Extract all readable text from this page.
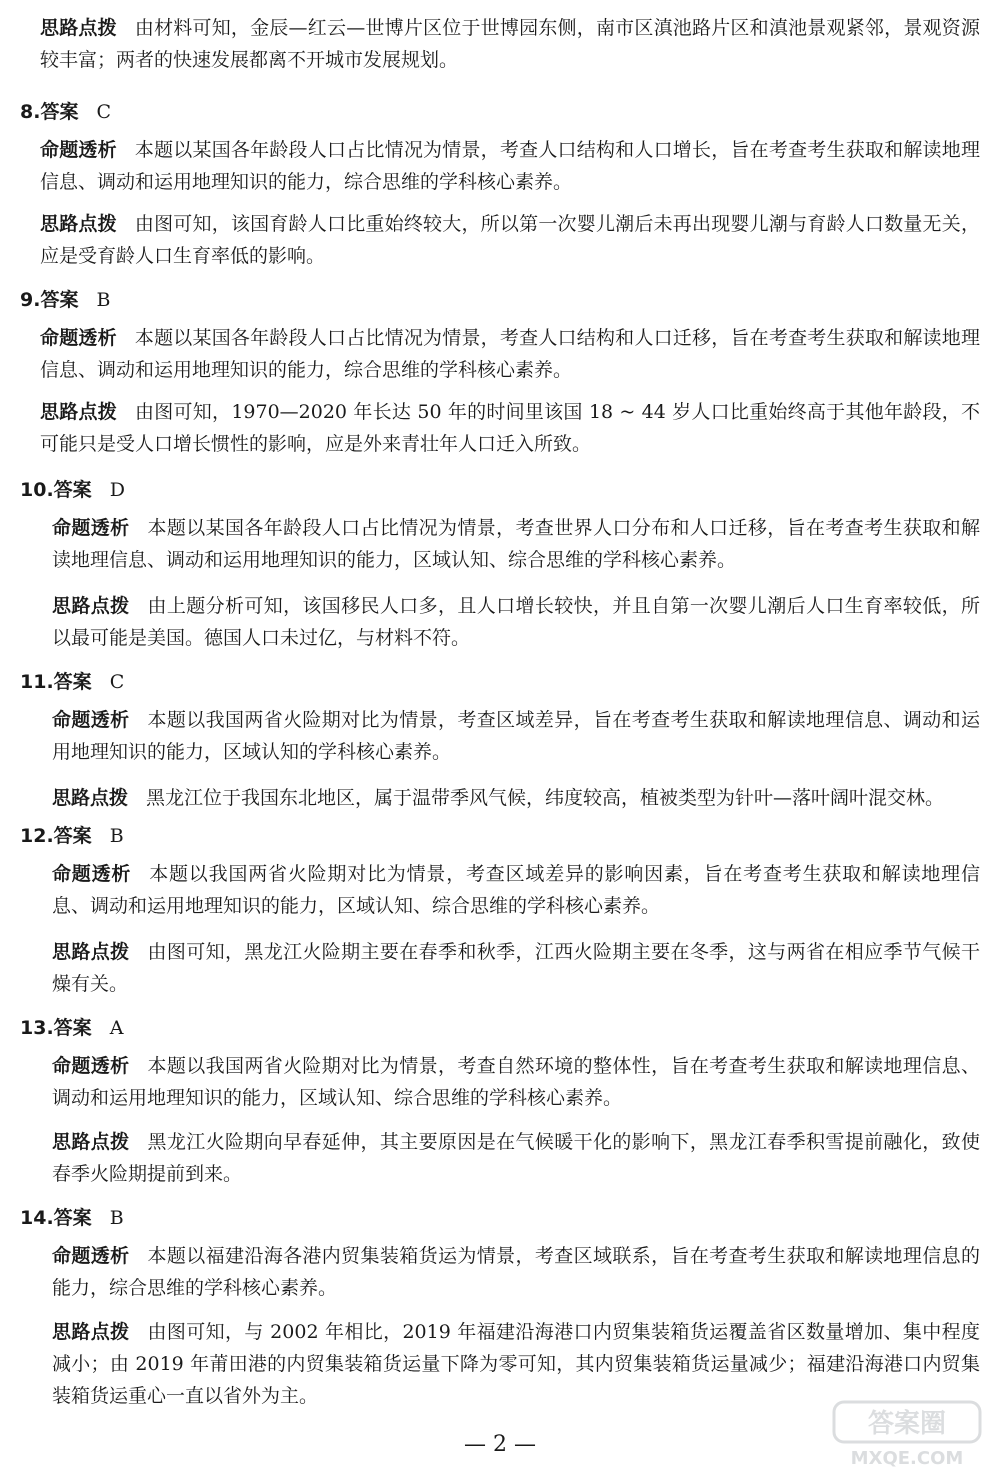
思路点拨 由材料可知，金辰—红云—世博片区位于世博园东侧，南市区滇池路片区和滇池景观紧邻，景观资源较丰富；两者的快速发展都离不开城市发展规划。
8.答案 C
命题透析 本题以某国各年龄段人口占比情况为情景，考查人口结构和人口增长，旨在考查考生获取和解读地理信息、调动和运用地理知识的能力，综合思维的学科核心素养。
思路点拨 由图可知，该国育龄人口比重始终较大，所以第一次婴儿潮后未再出现婴儿潮与育龄人口数量无关，应是受育龄人口生育率低的影响。
9.答案 B
命题透析 本题以某国各年龄段人口占比情况为情景，考查人口结构和人口迁移，旨在考查考生获取和解读地理信息、调动和运用地理知识的能力，综合思维的学科核心素养。
思路点拨 由图可知，1970—2020 年长达 50 年的时间里该国 18 ~ 44 岁人口比重始终高于其他年龄段，不可能只是受人口增长惯性的影响，应是外来青壮年人口迁入所致。
10.答案 D
命题透析 本题以某国各年龄段人口占比情况为情景，考查世界人口分布和人口迁移，旨在考查考生获取和解读地理信息、调动和运用地理知识的能力，区域认知、综合思维的学科核心素养。
思路点拨 由上题分析可知，该国移民人口多，且人口增长较快，并且自第一次婴儿潮后人口生育率较低，所以最可能是美国。德国人口未过亿，与材料不符。
11.答案 C
命题透析 本题以我国两省火险期对比为情景，考查区域差异，旨在考查考生获取和解读地理信息、调动和运用地理知识的能力，区域认知的学科核心素养。
思路点拨 黑龙江位于我国东北地区，属于温带季风气候，纬度较高，植被类型为针叶—落叶阔叶混交林。
12.答案 B
命题透析 本题以我国两省火险期对比为情景，考查区域差异的影响因素，旨在考查考生获取和解读地理信息、调动和运用地理知识的能力，区域认知、综合思维的学科核心素养。
思路点拨 由图可知，黑龙江火险期主要在春季和秋季，江西火险期主要在冬季，这与两省在相应季节气候干燥有关。
13.答案 A
命题透析 本题以我国两省火险期对比为情景，考查自然环境的整体性，旨在考查考生获取和解读地理信息、调动和运用地理知识的能力，区域认知、综合思维的学科核心素养。
思路点拨 黑龙江火险期向早春延伸，其主要原因是在气候暖干化的影响下，黑龙江春季积雪提前融化，致使春季火险期提前到来。
14.答案 B
命题透析 本题以福建沿海各港内贸集装箱货运为情景，考查区域联系，旨在考查考生获取和解读地理信息的能力，综合思维的学科核心素养。
思路点拨 由图可知，与 2002 年相比，2019 年福建沿海港口内贸集装箱货运覆盖省区数量增加、集中程度减小；由 2019 年莆田港的内贸集装箱货运量下降为零可知，其内贸集装箱货运量减少；福建沿海港口内贸集装箱货运重心一直以省外为主。
— 2 —
答案圈
MXQE.COM
